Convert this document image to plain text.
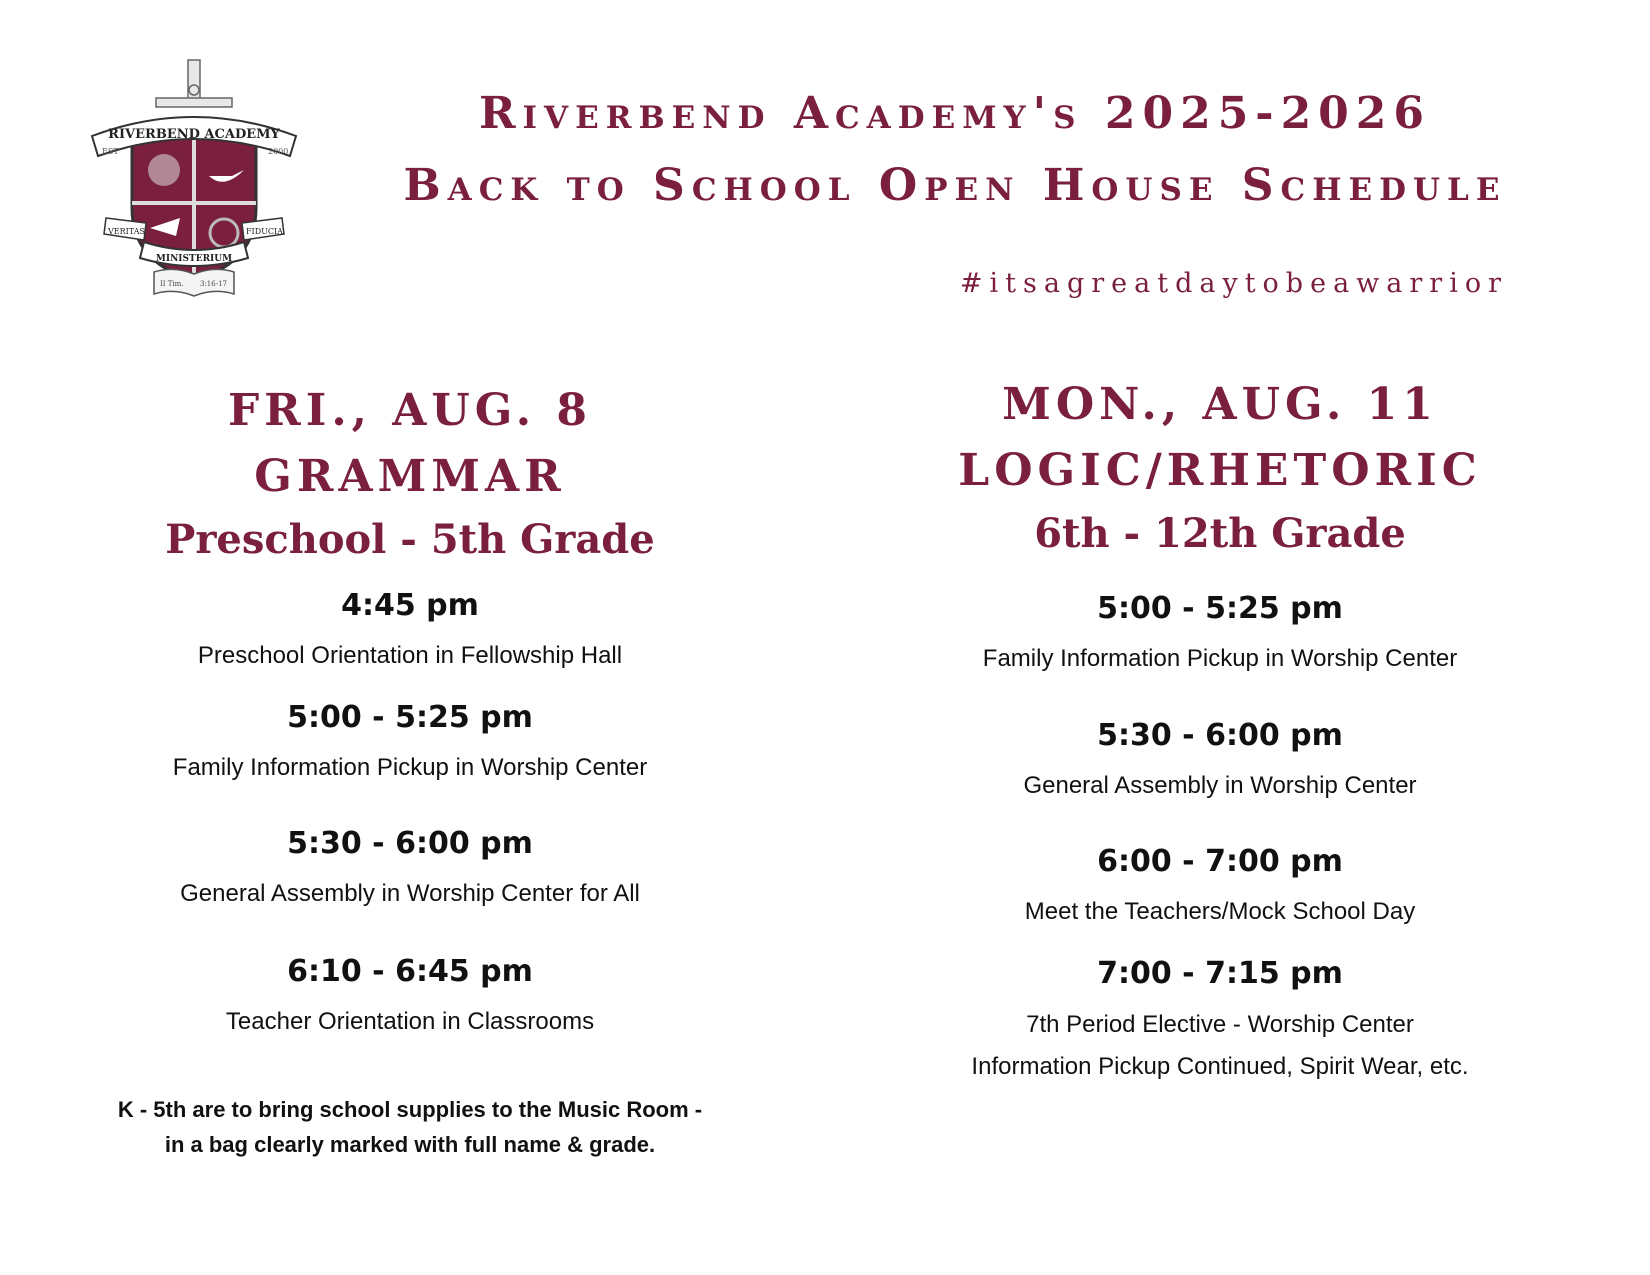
RIVERBEND ACADEMY
EST	2000
VERITAS	FIDUCIA
MINISTERIUM
II Tim. 3:16-17
Riverbend Academy's 2025-2026
Back to School Open House Schedule
#itsagreatdaytobeawarrior
FRI., AUG. 8
GRAMMAR
Preschool - 5th Grade
4:45 pm
Preschool Orientation in Fellowship Hall
5:00 - 5:25 pm
Family Information Pickup in Worship Center
5:30 - 6:00 pm
General Assembly in Worship Center for All
6:10 - 6:45 pm
Teacher Orientation in Classrooms
K - 5th are to bring school supplies to the Music Room -
in a bag clearly marked with full name & grade.
MON., AUG. 11
LOGIC/RHETORIC
6th - 12th Grade
5:00 - 5:25 pm
Family Information Pickup in Worship Center
5:30 - 6:00 pm
General Assembly in Worship Center
6:00 - 7:00 pm
Meet the Teachers/Mock School Day
7:00 - 7:15 pm
7th Period Elective - Worship Center
Information Pickup Continued, Spirit Wear, etc.
